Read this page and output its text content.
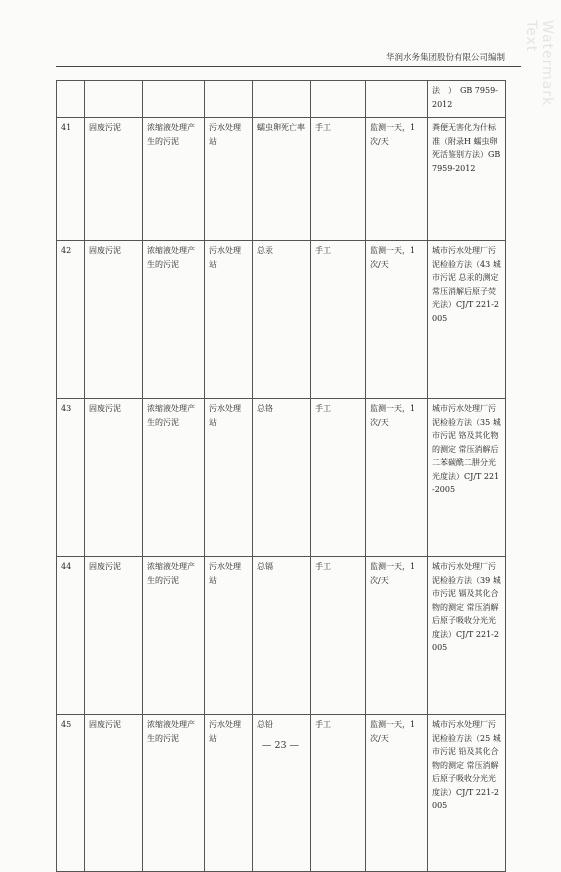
Watermark Text
华润水务集团股份有限公司编制
							法　）　GB 7959-2012
41	固废污泥	浓缩液处理产生的污泥	污水处理站	蠕虫卵死亡率	手工	监测一天，1次/天	粪便无害化为什标准（附录H 蠕虫卵死活鉴别方法）GB7959-2012
42	固废污泥	浓缩液处理产生的污泥	污水处理站	总汞	手工	监测一天，1次/天	城市污水处理厂污泥检验方法（43 城市污泥 总汞的测定 常压消解后原子荧光法）CJ/T 221-2005
43	固废污泥	浓缩液处理产生的污泥	污水处理站	总铬	手工	监测一天，1次/天	城市污水处理厂污泥检验方法（35 城市污泥 铬及其化物的测定 常压消解后二苯碳酰二肼分光光度法）CJ/T 221-2005
44	固废污泥	浓缩液处理产生的污泥	污水处理站	总镉	手工	监测一天，1次/天	城市污水处理厂污泥检验方法（39 城市污泥 镉及其化合物的测定 常压消解后原子吸收分光光度法）CJ/T 221-2005
45	固废污泥	浓缩液处理产生的污泥	污水处理站	总铅	手工	监测一天，1次/天	城市污水处理厂污泥检验方法（25 城市污泥 铅及其化合物的测定 常压消解后原子吸收分光光度法）CJ/T 221-2005
— 23 —
